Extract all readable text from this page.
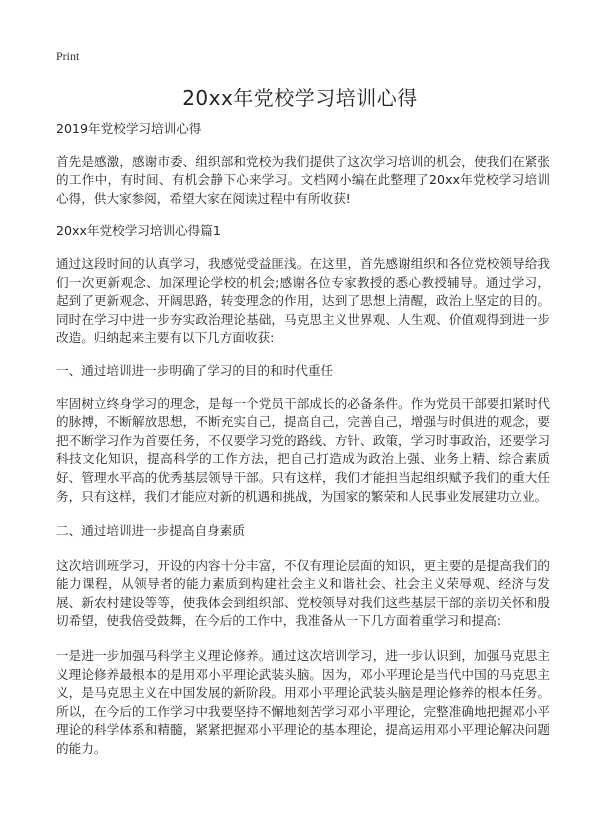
Print
20xx年党校学习培训心得

2019年党校学习培训心得

首先是感激，感谢市委、组织部和党校为我们提供了这次学习培训的机会，使我们在紧张的工作中，有时间、有机会静下心来学习。文档网小编在此整理了20xx年党校学习培训心得，供大家参阅，希望大家在阅读过程中有所收获!

20xx年党校学习培训心得篇1

通过这段时间的认真学习，我感觉受益匪浅。在这里，首先感谢组织和各位党校领导给我们一次更新观念、加深理论学校的机会;感谢各位专家教授的悉心教授辅导。通过学习，起到了更新观念、开阔思路，转变理念的作用，达到了思想上清醒，政治上坚定的目的。同时在学习中进一步夯实政治理论基础，马克思主义世界观、人生观、价值观得到进一步改造。归纳起来主要有以下几方面收获:

一、通过培训进一步明确了学习的目的和时代重任

牢固树立终身学习的理念，是每一个党员干部成长的必备条件。作为党员干部要扣紧时代的脉搏，不断解放思想，不断充实自己，提高自己，完善自己，增强与时俱进的观念，要把不断学习作为首要任务，不仅要学习党的路线、方针、政策，学习时事政治，还要学习科技文化知识，提高科学的工作方法，把自己打造成为政治上强、业务上精、综合素质好、管理水平高的优秀基层领导干部。只有这样，我们才能担当起组织赋予我们的重大任务，只有这样，我们才能应对新的机遇和挑战，为国家的繁荣和人民事业发展建功立业。

二、通过培训进一步提高自身素质

这次培训班学习，开设的内容十分丰富，不仅有理论层面的知识，更主要的是提高我们的能力课程，从领导者的能力素质到构建社会主义和谐社会、社会主义荣辱观、经济与发展、新农村建设等等，使我体会到组织部、党校领导对我们这些基层干部的亲切关怀和殷切希望，使我倍受鼓舞，在今后的工作中，我准备从一下几方面着重学习和提高:

一是进一步加强马科学主义理论修养。通过这次培训学习，进一步认识到，加强马克思主义理论修养最根本的是用邓小平理论武装头脑。因为，邓小平理论是当代中国的马克思主义，是马克思主义在中国发展的新阶段。用邓小平理论武装头脑是理论修养的根本任务。所以，在今后的工作学习中我要坚持不懈地刻苦学习邓小平理论，完整准确地把握邓小平理论的科学体系和精髓，紧紧把握邓小平理论的基本理论，提高运用邓小平理论解决问题的能力。
